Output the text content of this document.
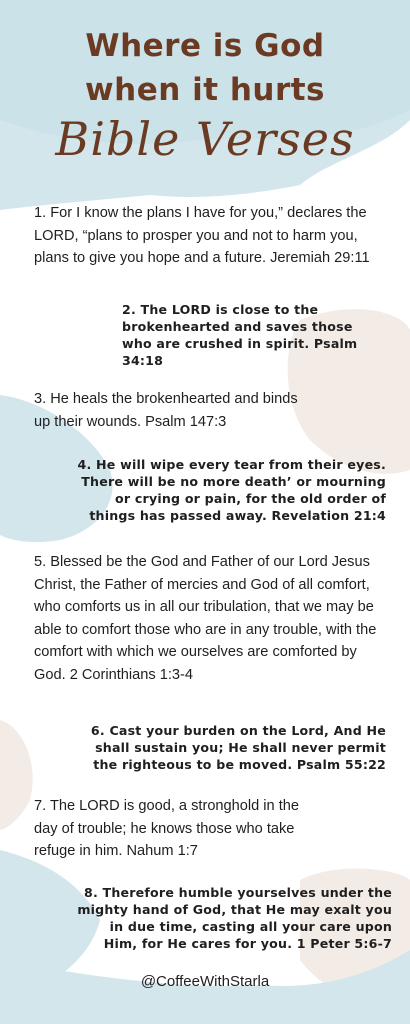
Where is God
when it hurts
Bible Verses

1. For I know the plans I have for you,” declares the LORD, “plans to prosper you and not to harm you, plans to give you hope and a future. Jeremiah 29:11

2. The LORD is close to the brokenhearted and saves those who are crushed in spirit. Psalm 34:18

3. He heals the brokenhearted and binds up their wounds. Psalm 147:3

4. He will wipe every tear from their eyes. There will be no more death’ or mourning or crying or pain, for the old order of things has passed away. Revelation 21:4

5. Blessed be the God and Father of our Lord Jesus Christ, the Father of mercies and God of all comfort, who comforts us in all our tribulation, that we may be able to comfort those who are in any trouble, with the comfort with which we ourselves are comforted by God. 2 Corinthians 1:3-4

6. Cast your burden on the Lord, And He shall sustain you; He shall never permit the righteous to be moved. Psalm 55:22

7. The LORD is good, a stronghold in the day of trouble; he knows those who take refuge in him. Nahum 1:7

8. Therefore humble yourselves under the mighty hand of God, that He may exalt you in due time, casting all your care upon Him, for He cares for you. 1 Peter 5:6-7

@CoffeeWithStarla
